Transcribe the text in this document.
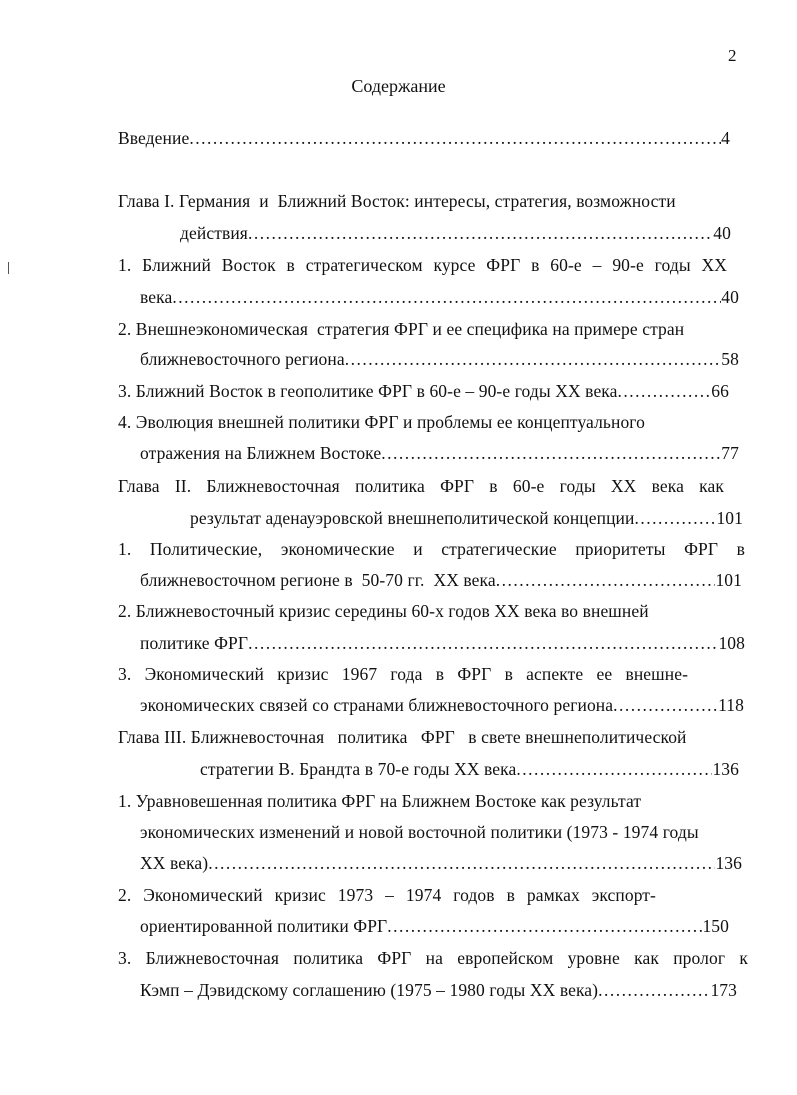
2
Содержание
Введение .....	4
Глава I. Германия  и  Ближний Восток: интересы, стратегия, возможности
действия .....	40
1. Ближний Восток в стратегическом курсе ФРГ в 60-е – 90-е годы XX
века .....	40
2. Внешнеэкономическая  стратегия ФРГ и ее специфика на примере стран
ближневосточного региона .....	58
3. Ближний Восток в геополитике ФРГ в 60-е – 90-е годы XX века .....	66
4. Эволюция внешней политики ФРГ и проблемы ее концептуального
отражения на Ближнем Востоке .....	77
Глава II. Ближневосточная политика ФРГ в 60-е годы XX века как
результат аденауэровской внешнеполитической концепции .....	101
1. Политические, экономические и стратегические приоритеты ФРГ в
ближневосточном регионе в  50-70 гг.  XX века .....	101
2. Ближневосточный кризис середины 60-х годов XX века во внешней
политике ФРГ .....	108
3. Экономический кризис 1967 года в ФРГ в аспекте ее внешне-
экономических связей со странами ближневосточного региона .....	118
Глава III. Ближневосточная   политика   ФРГ   в свете внешнеполитической
стратегии В. Брандта в 70-е годы XX века .....	136
1. Уравновешенная политика ФРГ на Ближнем Востоке как результат
экономических изменений и новой восточной политики (1973 - 1974 годы
XX века) .....	136
2. Экономический кризис 1973 – 1974 годов в рамках экспорт-
ориентированной политики ФРГ .....	150
3. Ближневосточная политика ФРГ на европейском уровне как пролог к
Кэмп – Дэвидскому соглашению (1975 – 1980 годы XX века) .....	173
